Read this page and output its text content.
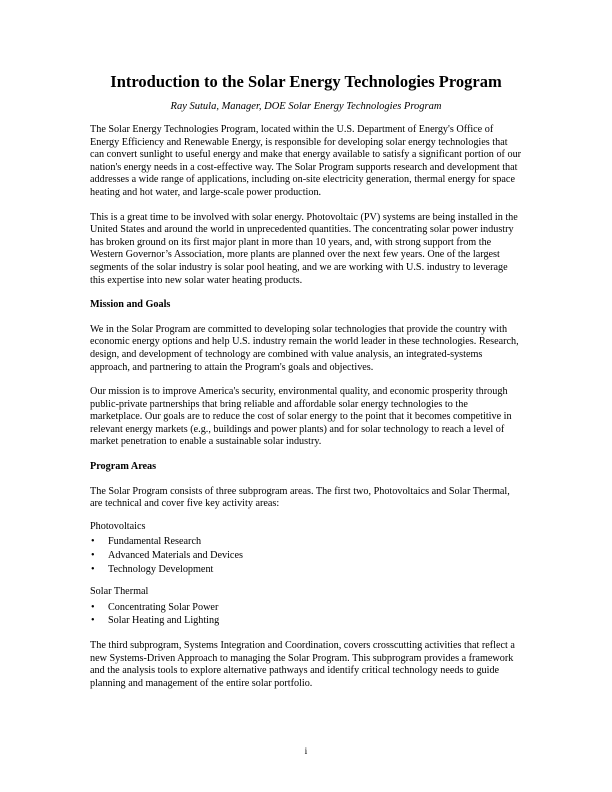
Introduction to the Solar Energy Technologies Program
Ray Sutula, Manager, DOE Solar Energy Technologies Program

The Solar Energy Technologies Program, located within the U.S. Department of Energy's Office of Energy Efficiency and Renewable Energy, is responsible for developing solar energy technologies that can convert sunlight to useful energy and make that energy available to satisfy a significant portion of our nation's energy needs in a cost-effective way. The Solar Program supports research and development that addresses a wide range of applications, including on-site electricity generation, thermal energy for space heating and hot water, and large-scale power production.

This is a great time to be involved with solar energy. Photovoltaic (PV) systems are being installed in the United States and around the world in unprecedented quantities. The concentrating solar power industry has broken ground on its first major plant in more than 10 years, and, with strong support from the Western Governor’s Association, more plants are planned over the next few years. One of the largest segments of the solar industry is solar pool heating, and we are working with U.S. industry to leverage this expertise into new solar water heating products.

Mission and Goals

We in the Solar Program are committed to developing solar technologies that provide the country with economic energy options and help U.S. industry remain the world leader in these technologies. Research, design, and development of technology are combined with value analysis, an integrated-systems approach, and partnering to attain the Program's goals and objectives.

Our mission is to improve America's security, environmental quality, and economic prosperity through public-private partnerships that bring reliable and affordable solar energy technologies to the marketplace. Our goals are to reduce the cost of solar energy to the point that it becomes competitive in relevant energy markets (e.g., buildings and power plants) and for solar technology to reach a level of market penetration to enable a sustainable solar industry.

Program Areas

The Solar Program consists of three subprogram areas. The first two, Photovoltaics and Solar Thermal, are technical and cover five key activity areas:

Photovoltaics
• Fundamental Research
• Advanced Materials and Devices
• Technology Development
Solar Thermal
• Concentrating Solar Power
• Solar Heating and Lighting

The third subprogram, Systems Integration and Coordination, covers crosscutting activities that reflect a new Systems-Driven Approach to managing the Solar Program. This subprogram provides a framework and the analysis tools to explore alternative pathways and identify critical technology needs to guide planning and management of the entire solar portfolio.

i
